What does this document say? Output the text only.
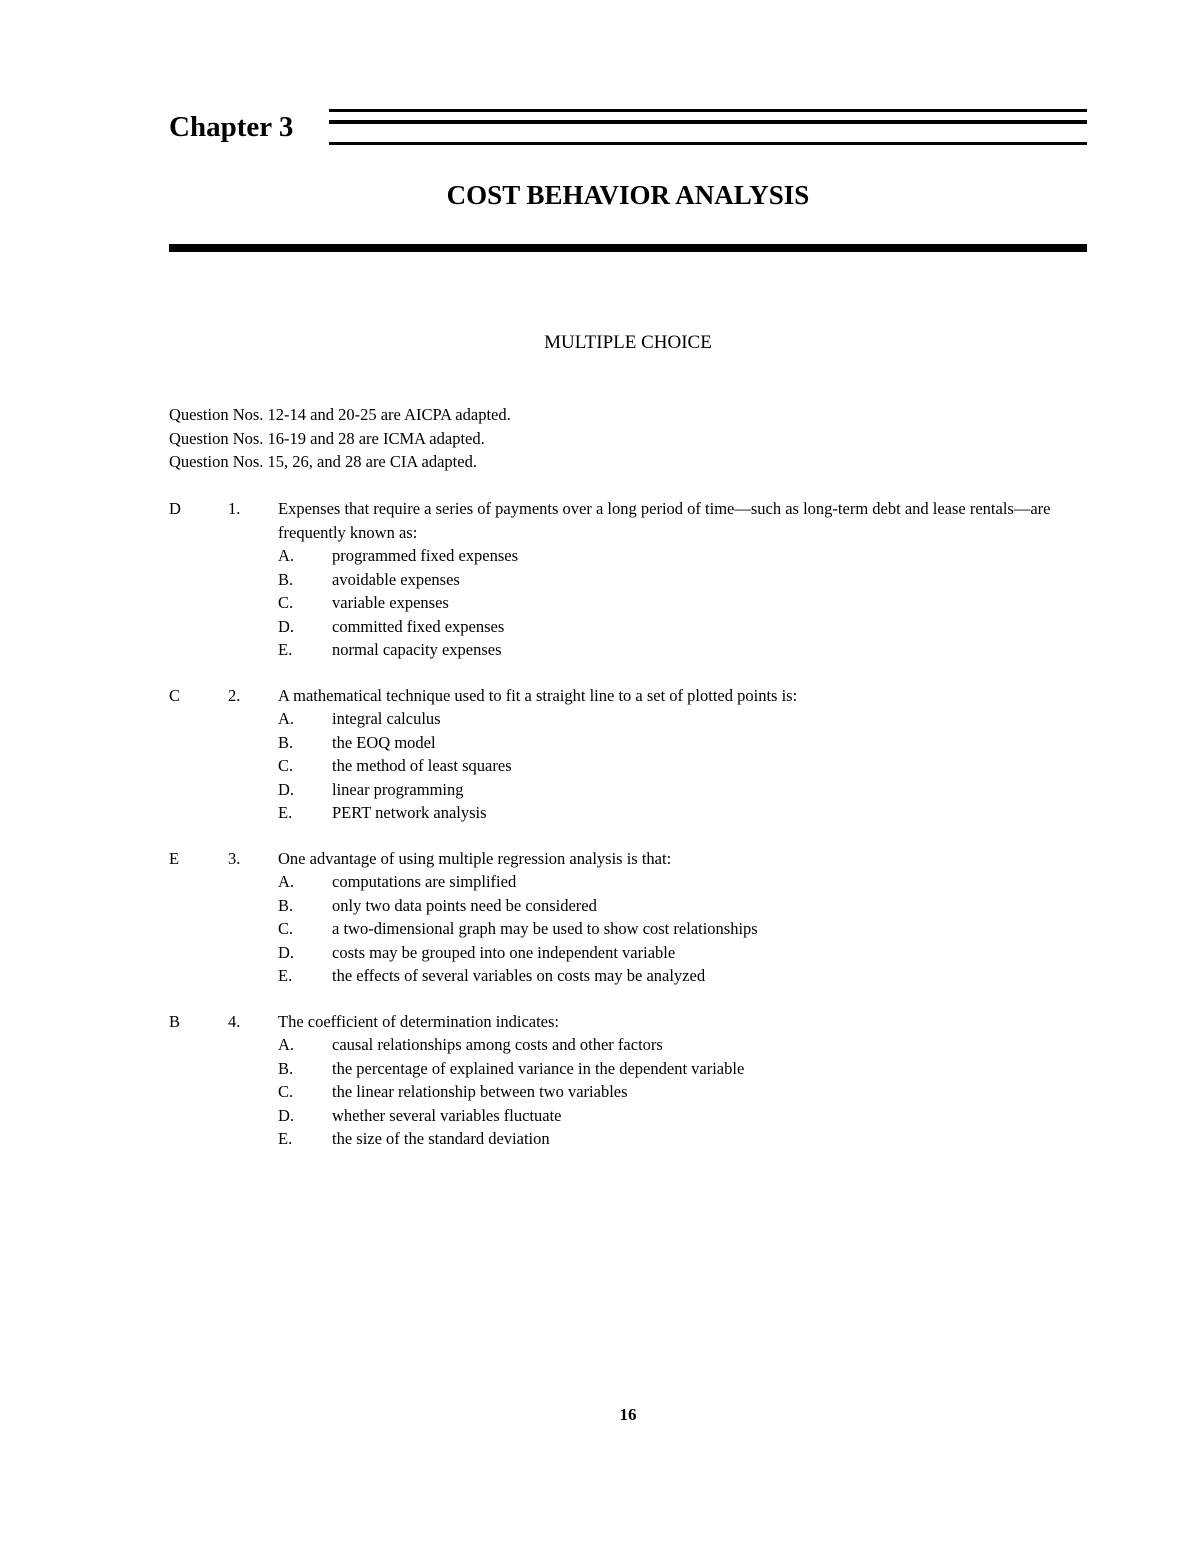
Chapter 3
COST BEHAVIOR ANALYSIS
MULTIPLE CHOICE
Question Nos. 12-14 and 20-25 are AICPA adapted.
Question Nos. 16-19 and 28 are ICMA adapted.
Question Nos. 15, 26, and 28 are CIA adapted.
D	1. Expenses that require a series of payments over a long period of time—such as long-term debt and lease rentals—are frequently known as:
A. programmed fixed expenses
B. avoidable expenses
C. variable expenses
D. committed fixed expenses
E. normal capacity expenses
C	2. A mathematical technique used to fit a straight line to a set of plotted points is:
A. integral calculus
B. the EOQ model
C. the method of least squares
D. linear programming
E. PERT network analysis
E	3. One advantage of using multiple regression analysis is that:
A. computations are simplified
B. only two data points need be considered
C. a two-dimensional graph may be used to show cost relationships
D. costs may be grouped into one independent variable
E. the effects of several variables on costs may be analyzed
B	4. The coefficient of determination indicates:
A. causal relationships among costs and other factors
B. the percentage of explained variance in the dependent variable
C. the linear relationship between two variables
D. whether several variables fluctuate
E. the size of the standard deviation
16
